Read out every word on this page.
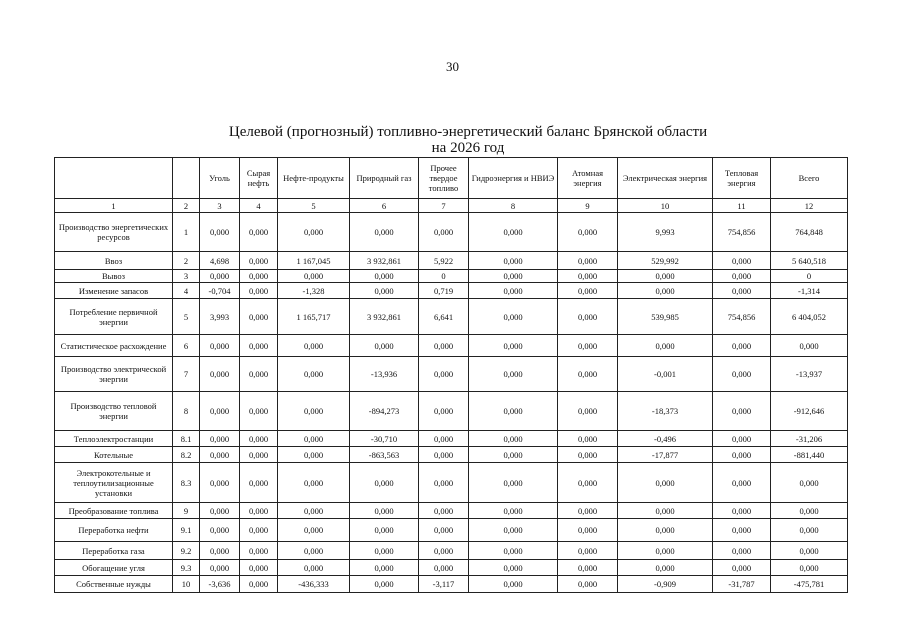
30
Целевой (прогнозный) топливно-энергетический баланс Брянской области
на 2026 год
		Уголь	Сырая нефть	Нефте-продукты	Природный газ	Прочее твердое топливо	Гидроэнергия и НВИЭ	Атомная энергия	Электрическая энергия	Тепловая энергия	Всего
1	2	3	4	5	6	7	8	9	10	11	12
Производство энергетических ресурсов	1	0,000	0,000	0,000	0,000	0,000	0,000	0,000	9,993	754,856	764,848
Ввоз	2	4,698	0,000	1 167,045	3 932,861	5,922	0,000	0,000	529,992	0,000	5 640,518
Вывоз	3	0,000	0,000	0,000	0,000	0	0,000	0,000	0,000	0,000	0
Изменение запасов	4	-0,704	0,000	-1,328	0,000	0,719	0,000	0,000	0,000	0,000	-1,314
Потребление первичной энергии	5	3,993	0,000	1 165,717	3 932,861	6,641	0,000	0,000	539,985	754,856	6 404,052
Статистическое расхождение	6	0,000	0,000	0,000	0,000	0,000	0,000	0,000	0,000	0,000	0,000
Производство электрической энергии	7	0,000	0,000	0,000	-13,936	0,000	0,000	0,000	-0,001	0,000	-13,937
Производство тепловой энергии	8	0,000	0,000	0,000	-894,273	0,000	0,000	0,000	-18,373	0,000	-912,646
Теплоэлектростанции	8.1	0,000	0,000	0,000	-30,710	0,000	0,000	0,000	-0,496	0,000	-31,206
Котельные	8.2	0,000	0,000	0,000	-863,563	0,000	0,000	0,000	-17,877	0,000	-881,440
Электрокотельные и теплоутилизационные установки	8.3	0,000	0,000	0,000	0,000	0,000	0,000	0,000	0,000	0,000	0,000
Преобразование топлива	9	0,000	0,000	0,000	0,000	0,000	0,000	0,000	0,000	0,000	0,000
Переработка нефти	9.1	0,000	0,000	0,000	0,000	0,000	0,000	0,000	0,000	0,000	0,000
Переработка газа	9.2	0,000	0,000	0,000	0,000	0,000	0,000	0,000	0,000	0,000	0,000
Обогащение угля	9.3	0,000	0,000	0,000	0,000	0,000	0,000	0,000	0,000	0,000	0,000
Собственные нужды	10	-3,636	0,000	-436,333	0,000	-3,117	0,000	0,000	-0,909	-31,787	-475,781
